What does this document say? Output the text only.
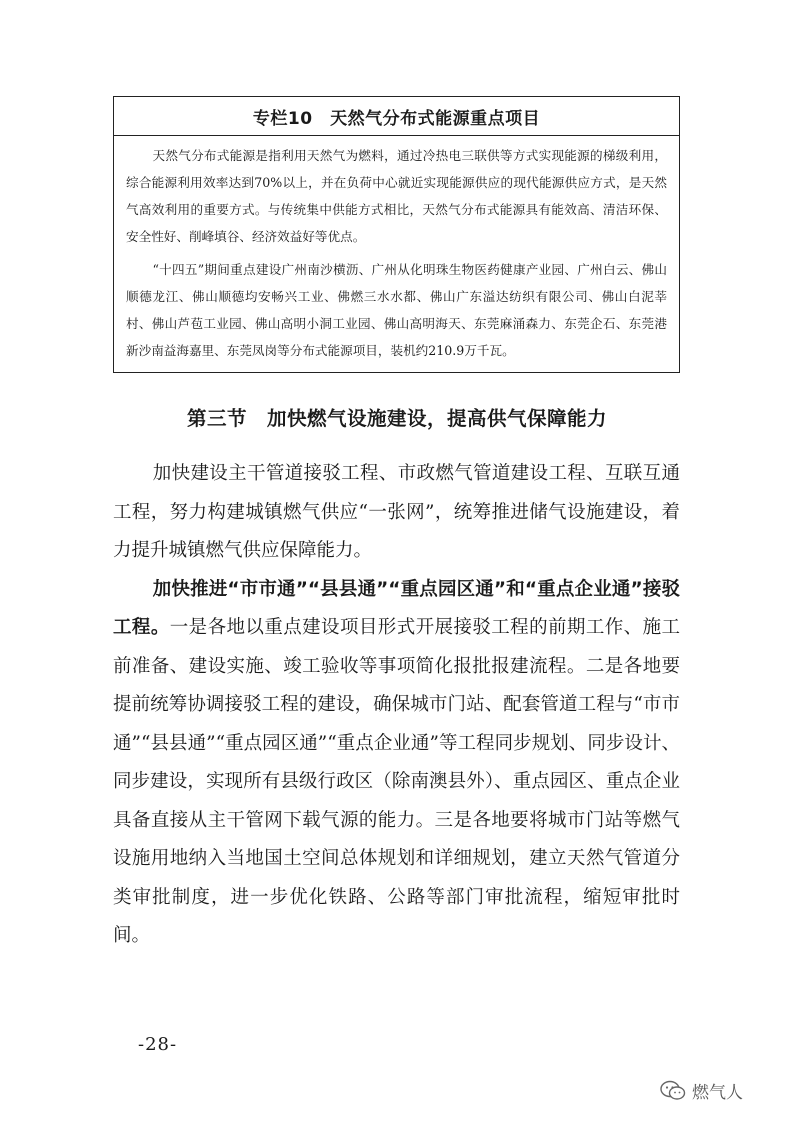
专栏10　天然气分布式能源重点项目

天然气分布式能源是指利用天然气为燃料，通过冷热电三联供等方式实现能源的梯级利用，综合能源利用效率达到70%以上，并在负荷中心就近实现能源供应的现代能源供应方式，是天然气高效利用的重要方式。与传统集中供能方式相比，天然气分布式能源具有能效高、清洁环保、安全性好、削峰填谷、经济效益好等优点。

“十四五”期间重点建设广州南沙横沥、广州从化明珠生物医药健康产业园、广州白云、佛山顺德龙江、佛山顺德均安畅兴工业、佛燃三水水都、佛山广东溢达纺织有限公司、佛山白泥莘村、佛山芦苞工业园、佛山高明小洞工业园、佛山高明海天、东莞麻涌森力、东莞企石、东莞港新沙南益海嘉里、东莞凤岗等分布式能源项目，装机约210.9万千瓦。

第三节　加快燃气设施建设，提高供气保障能力

加快建设主干管道接驳工程、市政燃气管道建设工程、互联互通工程，努力构建城镇燃气供应“一张网”，统筹推进储气设施建设，着力提升城镇燃气供应保障能力。

加快推进“市市通”“县县通”“重点园区通”和“重点企业通”接驳工程。一是各地以重点建设项目形式开展接驳工程的前期工作、施工前准备、建设实施、竣工验收等事项简化报批报建流程。二是各地要提前统筹协调接驳工程的建设，确保城市门站、配套管道工程与“市市通”“县县通”“重点园区通”“重点企业通”等工程同步规划、同步设计、同步建设，实现所有县级行政区（除南澳县外）、重点园区、重点企业具备直接从主干管网下载气源的能力。三是各地要将城市门站等燃气设施用地纳入当地国土空间总体规划和详细规划，建立天然气管道分类审批制度，进一步优化铁路、公路等部门审批流程，缩短审批时间。

-28-
燃气人
